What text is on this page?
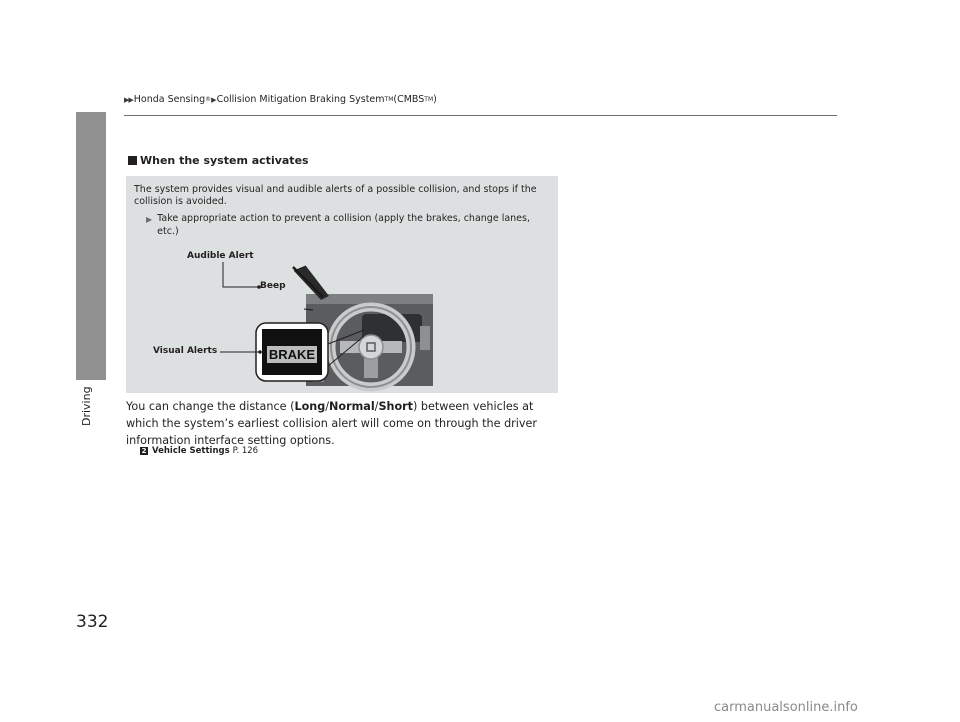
▶▶ Honda Sensing ® ▶ Collision Mitigation Braking System TM (CMBS TM )
Driving
332
When the system activates
The system provides visual and audible alerts of a possible collision, and stops if the collision is avoided.
▶ Take appropriate action to prevent a collision (apply the brakes, change lanes, etc.)
BRAKE
Audible Alert
Beep
Visual Alerts
You can change the distance (Long/Normal/Short) between vehicles at which the system’s earliest collision alert will come on through the driver information interface setting options.
2 Vehicle Settings P. 126
carmanualsonline.info
